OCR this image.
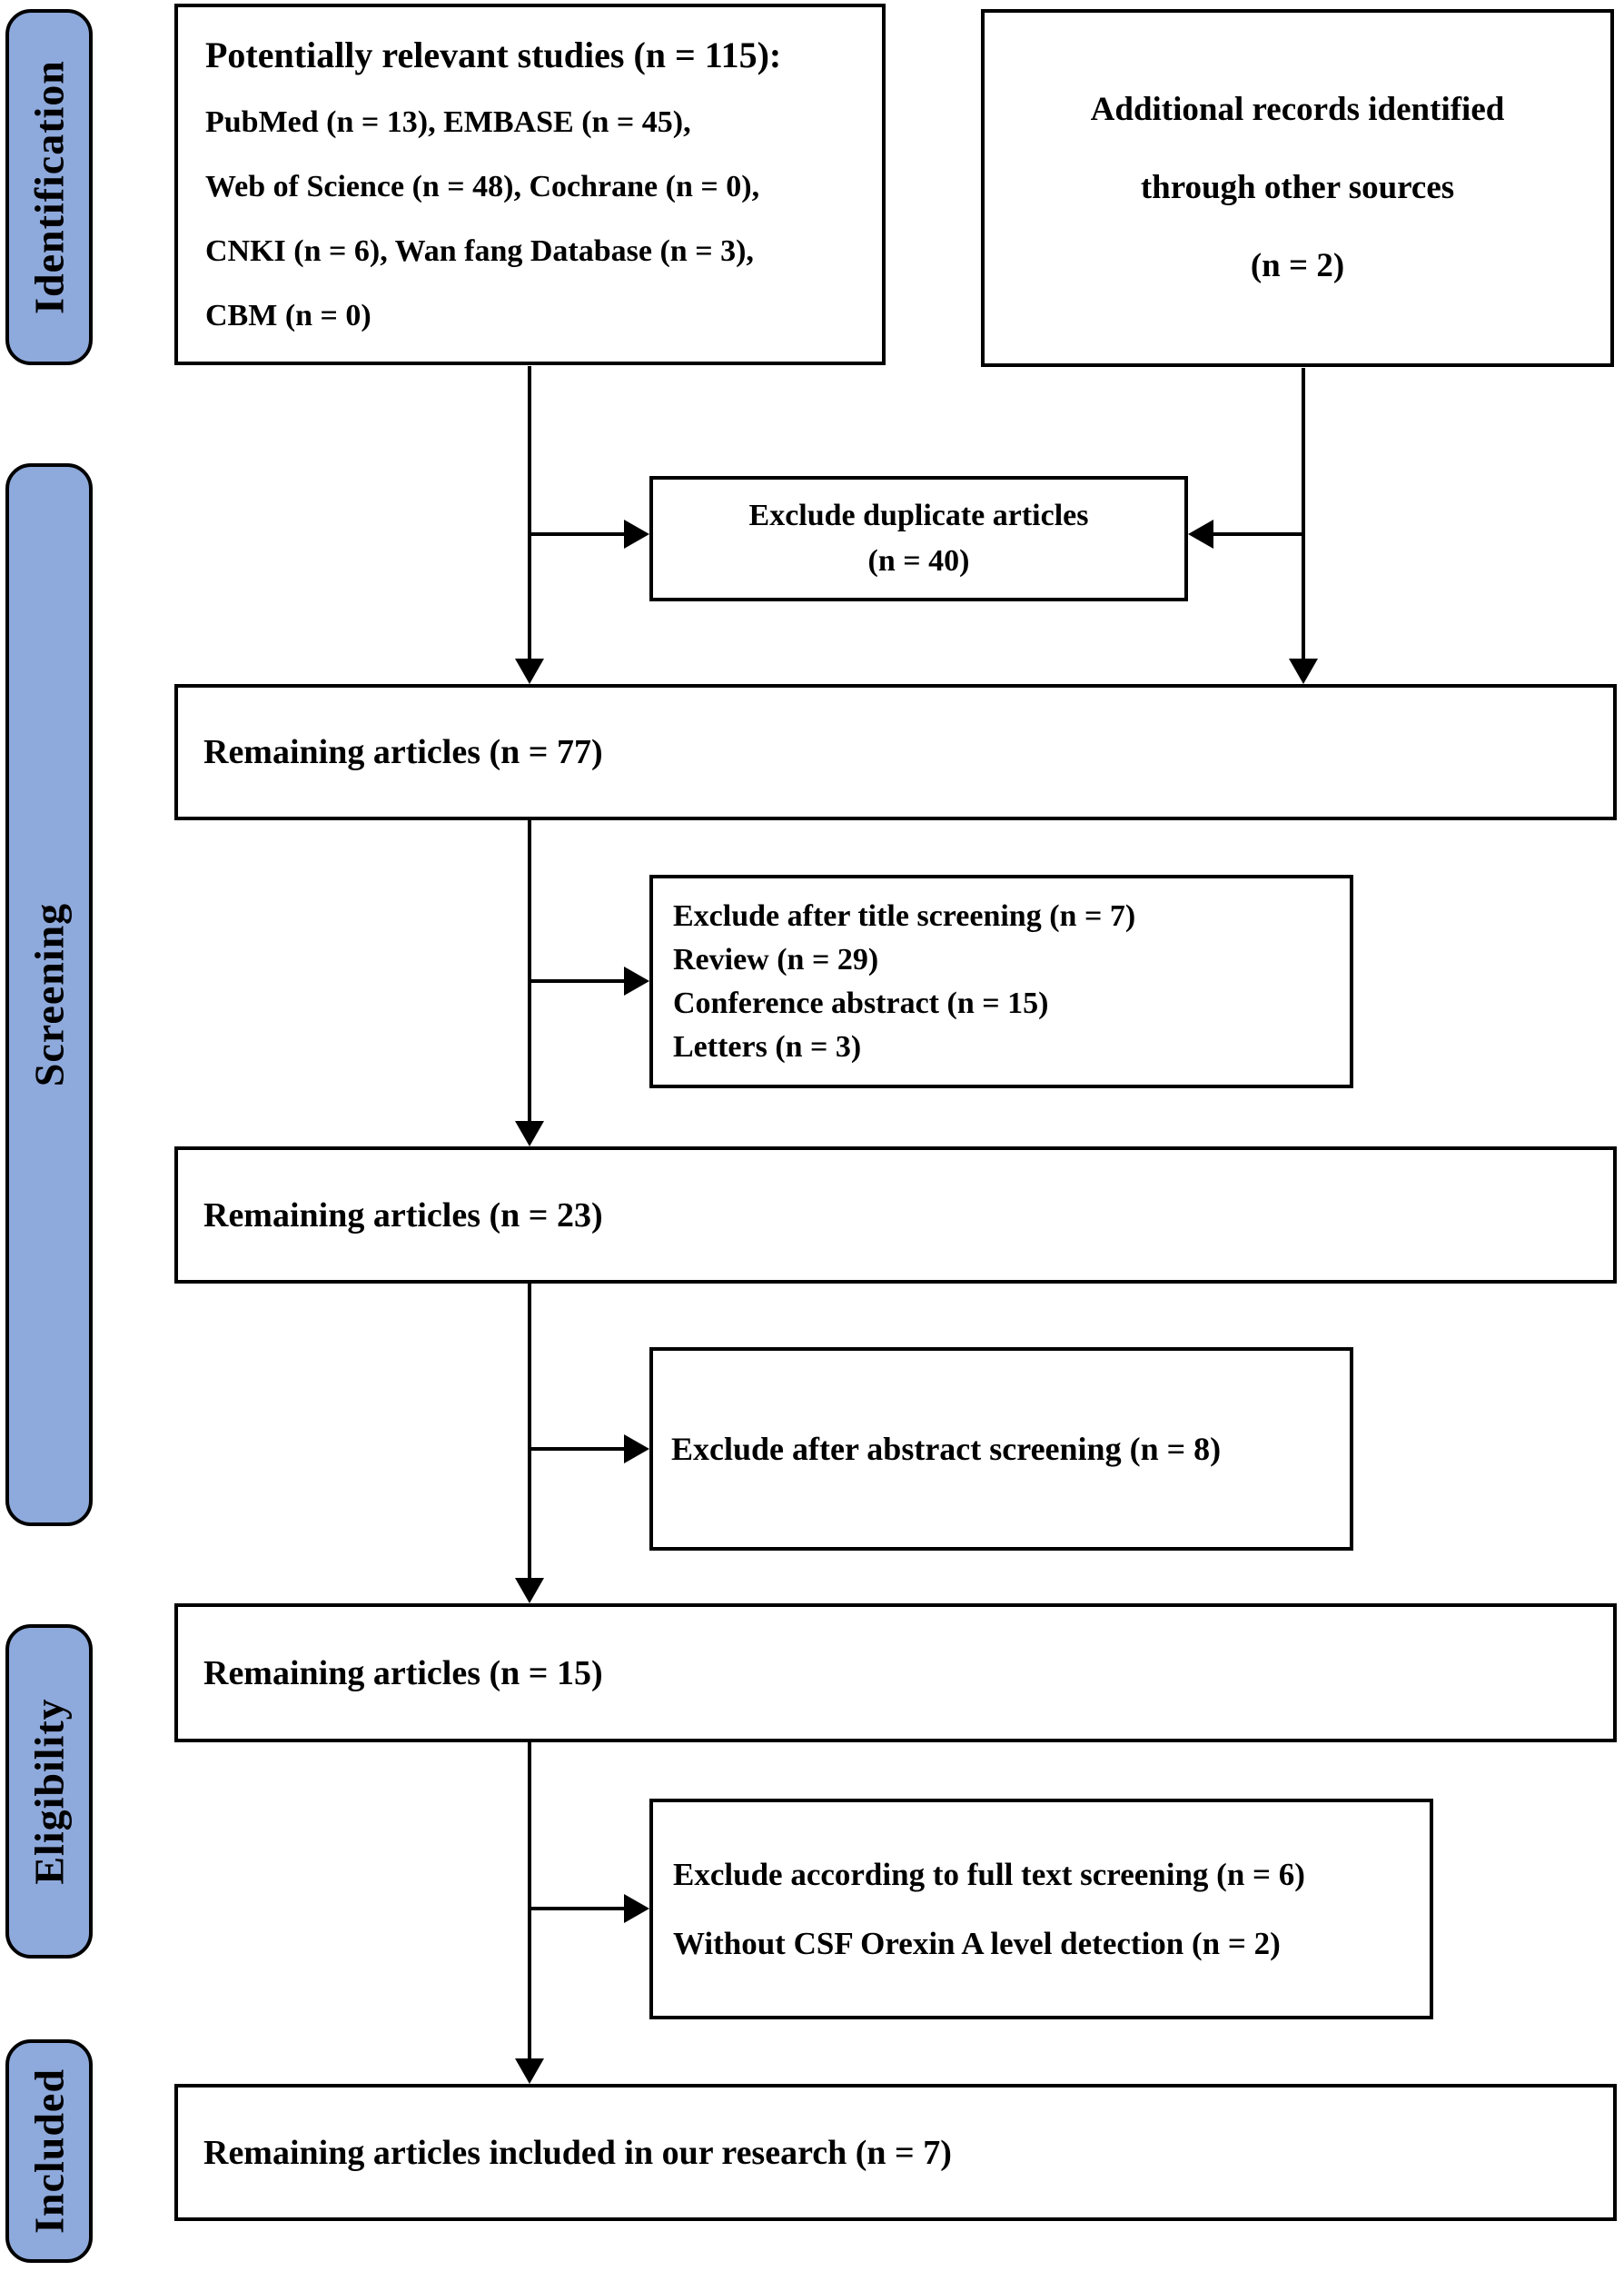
Identification
Screening
Eligibility
Included
Potentially relevant studies (n = 115):
PubMed (n = 13), EMBASE (n = 45),
Web of Science (n = 48), Cochrane (n = 0),
CNKI (n = 6), Wan fang Database (n = 3),
CBM (n = 0)
Additional records identified
through other sources
(n = 2)
Exclude duplicate articles
(n = 40)
Remaining articles (n = 77)
Exclude after title screening (n = 7)
Review (n = 29)
Conference abstract (n = 15)
Letters (n = 3)
Remaining articles (n = 23)
Exclude after abstract screening (n = 8)
Remaining articles (n = 15)
Exclude according to full text screening (n = 6)
Without CSF Orexin A level detection (n = 2)
Remaining articles included in our research (n = 7)
